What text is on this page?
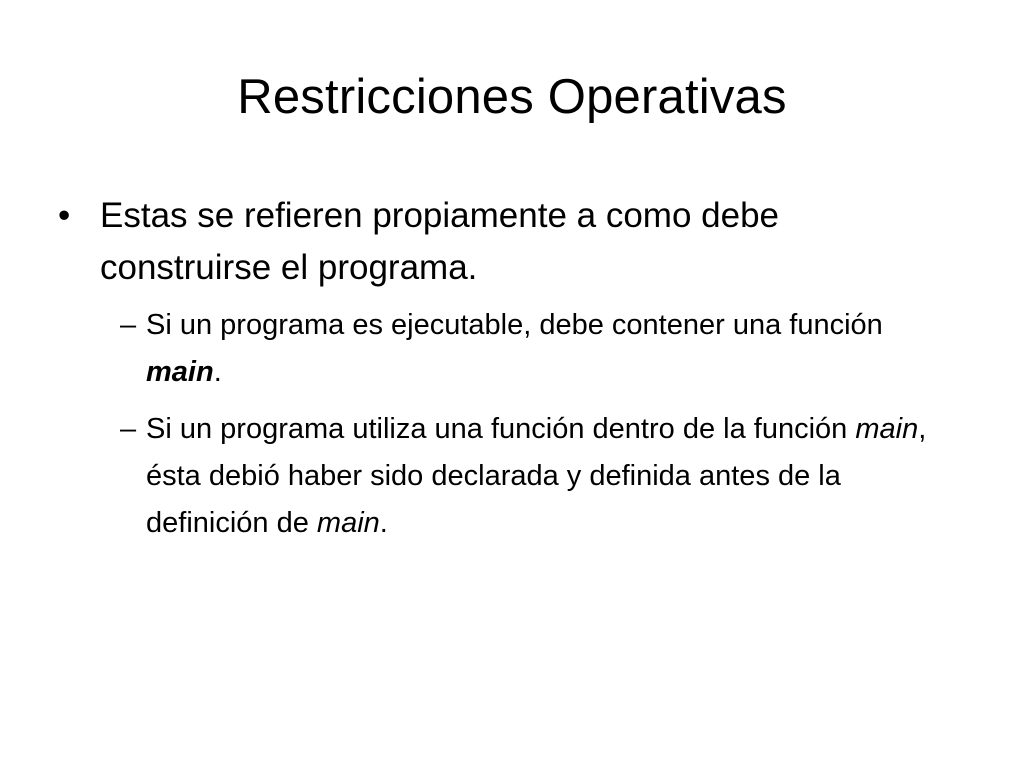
Restricciones Operativas
• Estas se refieren propiamente a como debe construirse el programa.
– Si un programa es ejecutable, debe contener una función main.
– Si un programa utiliza una función dentro de la función main, ésta debió haber sido declarada y definida antes de la definición de main.
